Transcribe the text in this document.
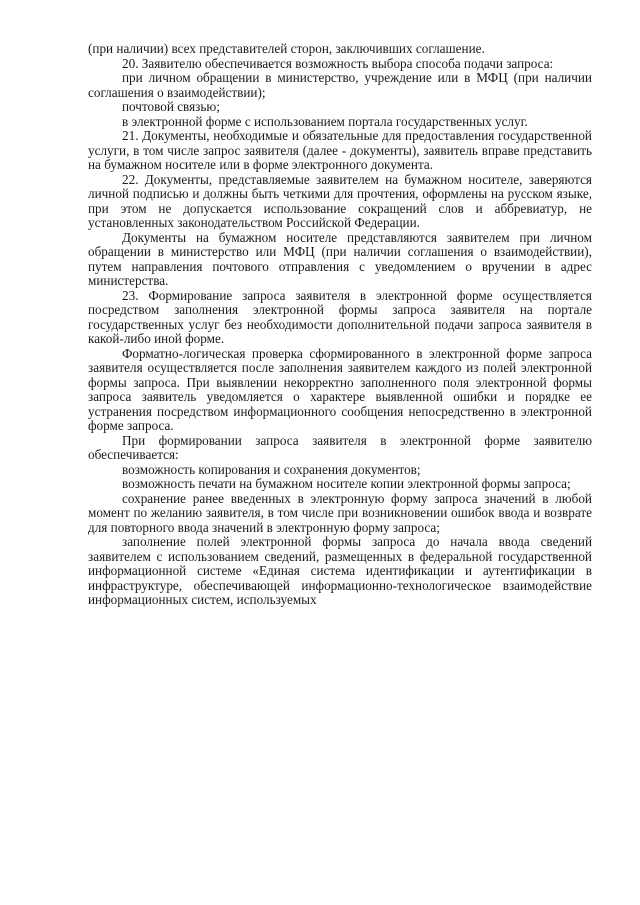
(при наличии) всех представителей сторон, заключивших соглашение.

20. Заявителю обеспечивается возможность выбора способа подачи запроса:

при личном обращении в министерство, учреждение или в МФЦ (при наличии соглашения о взаимодействии);

почтовой связью;

в электронной форме с использованием портала государственных услуг.

21. Документы, необходимые и обязательные для предоставления государственной услуги, в том числе запрос заявителя (далее - документы), заявитель вправе представить на бумажном носителе или в форме электронного документа.

22. Документы, представляемые заявителем на бумажном носителе, заверяются личной подписью и должны быть четкими для прочтения, оформлены на русском языке, при этом не допускается использование сокращений слов и аббревиатур, не установленных законодательством Российской Федерации.

Документы на бумажном носителе представляются заявителем при личном обращении в министерство или МФЦ (при наличии соглашения о взаимодействии), путем направления почтового отправления с уведомлением о вручении в адрес министерства.

23. Формирование запроса заявителя в электронной форме осуществляется посредством заполнения электронной формы запроса заявителя на портале государственных услуг без необходимости дополнительной подачи запроса заявителя в какой-либо иной форме.

Форматно-логическая проверка сформированного в электронной форме запроса заявителя осуществляется после заполнения заявителем каждого из полей электронной формы запроса. При выявлении некорректно заполненного поля электронной формы запроса заявитель уведомляется о характере выявленной ошибки и порядке ее устранения посредством информационного сообщения непосредственно в электронной форме запроса.

При формировании запроса заявителя в электронной форме заявителю обеспечивается:

возможность копирования и сохранения документов;

возможность печати на бумажном носителе копии электронной формы запроса;

сохранение ранее введенных в электронную форму запроса значений в любой момент по желанию заявителя, в том числе при возникновении ошибок ввода и возврате для повторного ввода значений в электронную форму запроса;

заполнение полей электронной формы запроса до начала ввода сведений заявителем с использованием сведений, размещенных в федеральной государственной информационной системе «Единая система идентификации и аутентификации в инфраструктуре, обеспечивающей информационно-технологическое взаимодействие информационных систем, используемых
